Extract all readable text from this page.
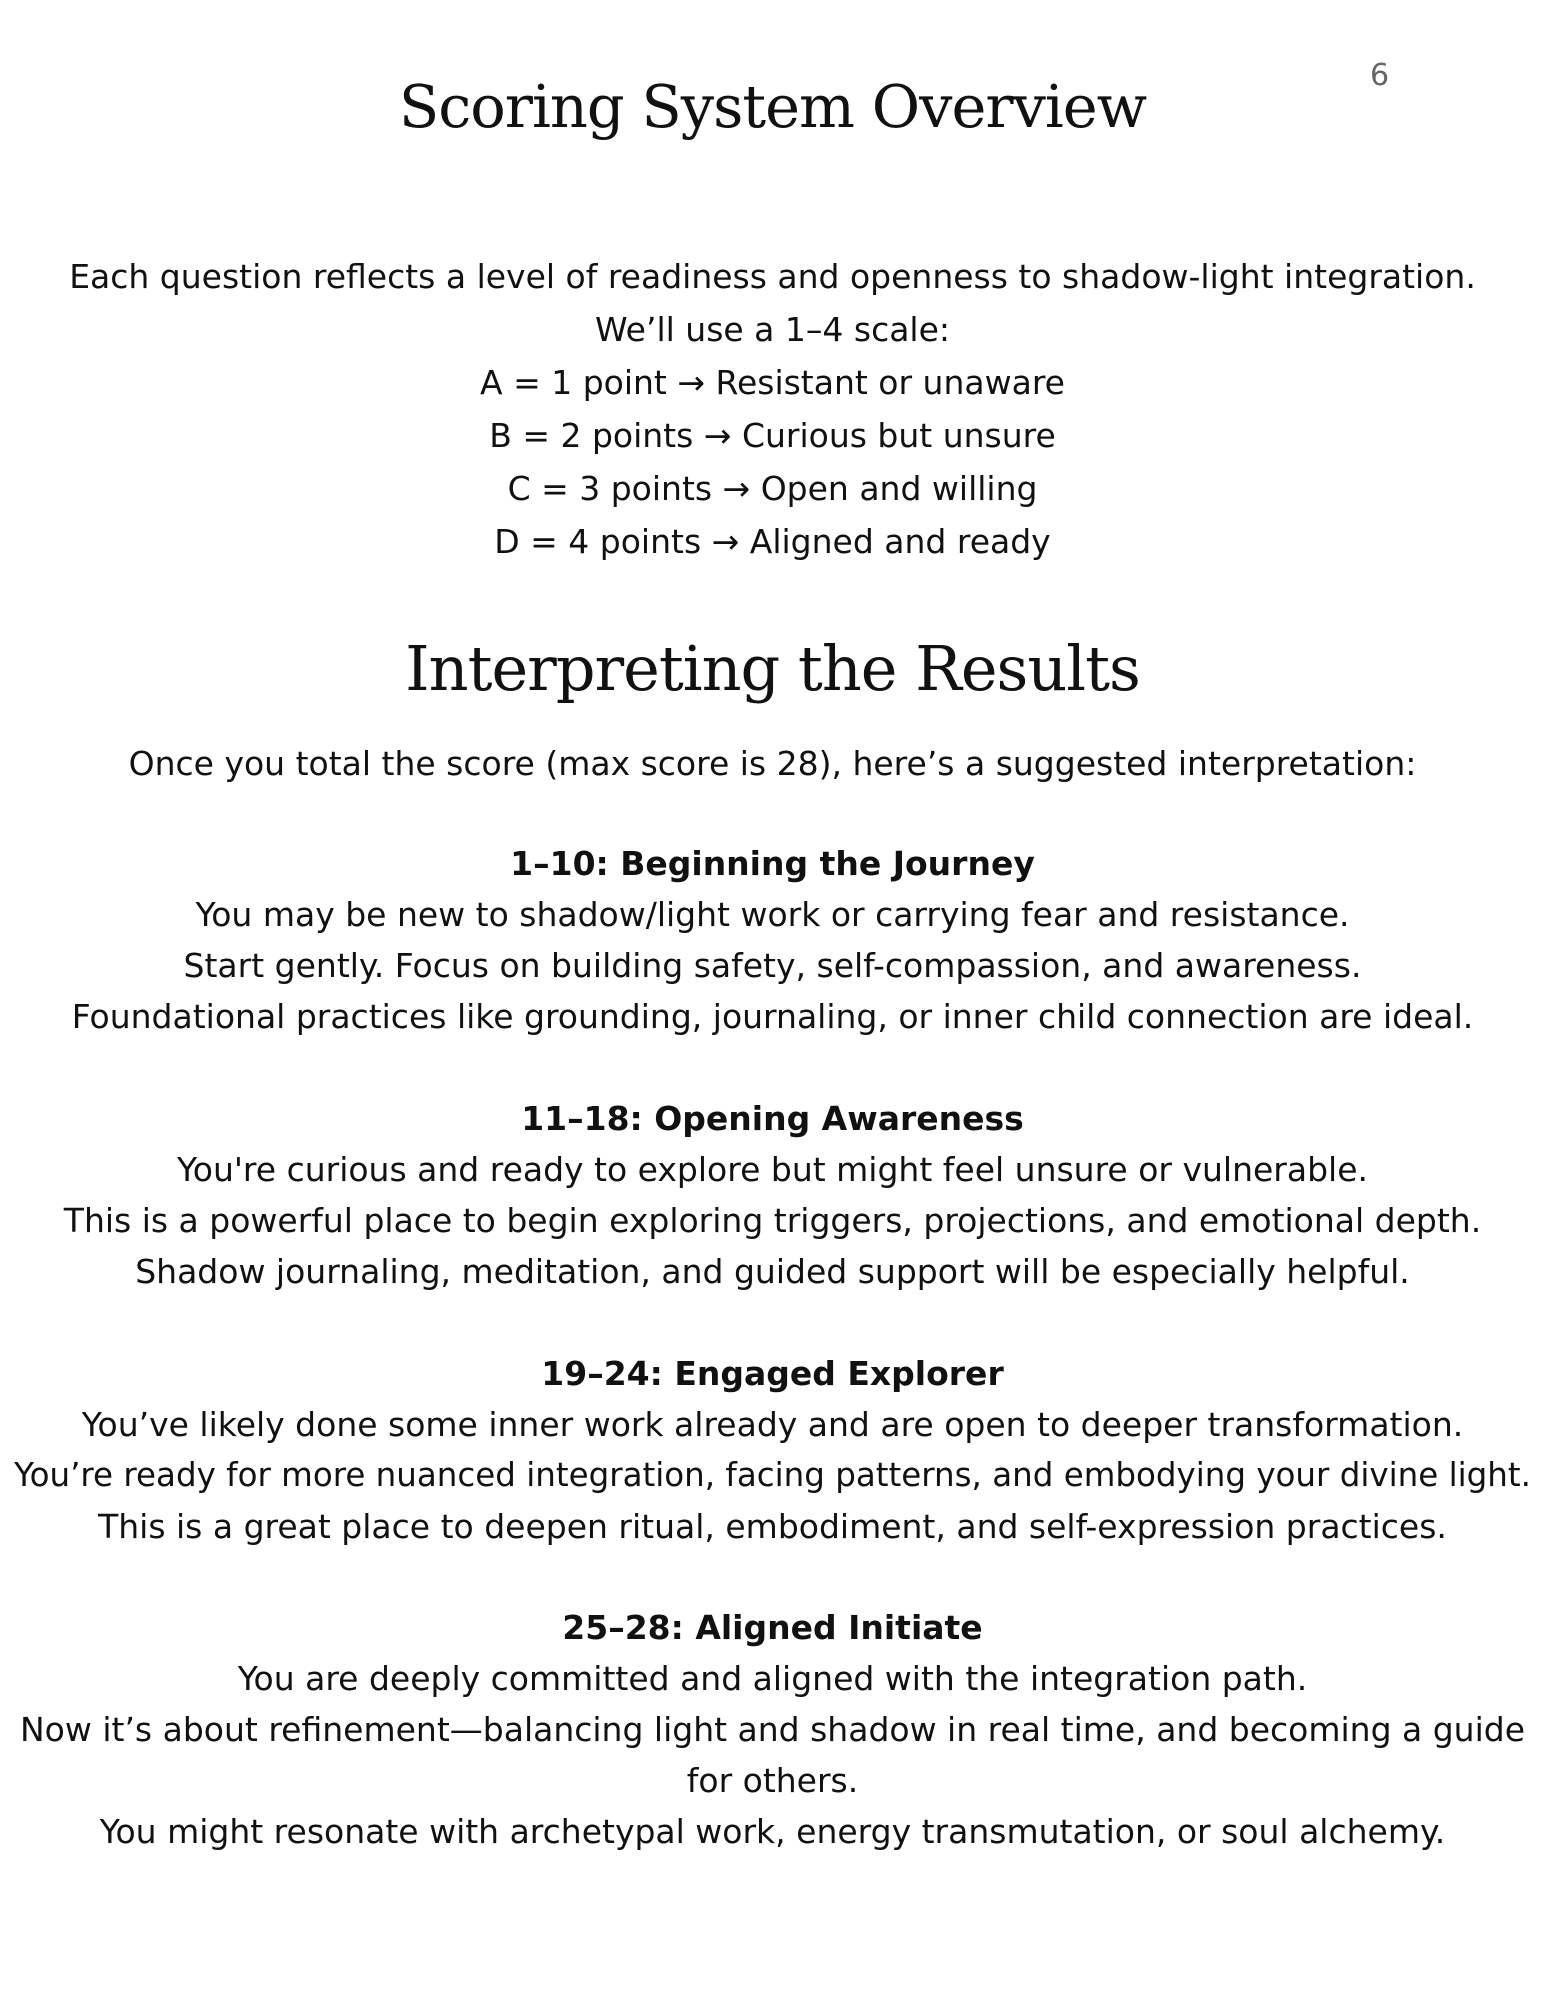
6
Scoring System Overview
Each question reflects a level of readiness and openness to shadow-light integration.
We’ll use a 1–4 scale:
A = 1 point → Resistant or unaware
B = 2 points → Curious but unsure
C = 3 points → Open and willing
D = 4 points → Aligned and ready
Interpreting the Results
Once you total the score (max score is 28), here’s a suggested interpretation:
1–10: Beginning the Journey
You may be new to shadow/light work or carrying fear and resistance.
Start gently. Focus on building safety, self-compassion, and awareness.
Foundational practices like grounding, journaling, or inner child connection are ideal.
11–18: Opening Awareness
You're curious and ready to explore but might feel unsure or vulnerable.
This is a powerful place to begin exploring triggers, projections, and emotional depth.
Shadow journaling, meditation, and guided support will be especially helpful.
19–24: Engaged Explorer
You’ve likely done some inner work already and are open to deeper transformation.
You’re ready for more nuanced integration, facing patterns, and embodying your divine light.
This is a great place to deepen ritual, embodiment, and self-expression practices.
25–28: Aligned Initiate
You are deeply committed and aligned with the integration path.
Now it’s about refinement—balancing light and shadow in real time, and becoming a guide
for others.
You might resonate with archetypal work, energy transmutation, or soul alchemy.
